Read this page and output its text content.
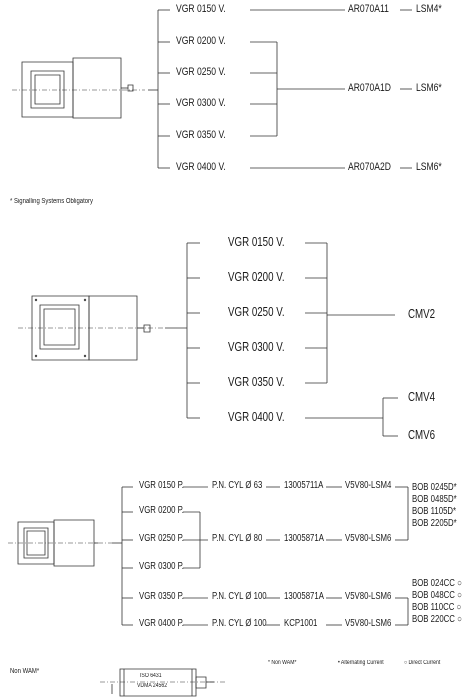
VGR 0150 V.
VGR 0200 V.
VGR 0250 V.
VGR 0300 V.
VGR 0350 V.
VGR 0400 V.
AR070A11
AR070A1D
AR070A2D
LSM4*
LSM6*
LSM6*
* Signalling Systems Obligatory
VGR 0150 V.
VGR 0200 V.
VGR 0250 V.
VGR 0300 V.
VGR 0350 V.
VGR 0400 V.
CMV2
CMV4
CMV6
VGR 0150 P.
VGR 0200 P.
VGR 0250 P.
VGR 0300 P.
VGR 0350 P.
VGR 0400 P.
P.N. CYL Ø 63
P.N. CYL Ø 80
P.N. CYL Ø 100
P.N. CYL Ø 100
13005711A
13005871A
13005871A
KCP1001
V5V80-LSM4
V5V80-LSM6
V5V80-LSM6
V5V80-LSM6
BOB 0245D*
BOB 0485D*
BOB 1105D*
BOB 2205D*
BOB 024CC ○
BOB 048CC ○
BOB 110CC ○
BOB 220CC ○
Non WAM*
* Non WAM*	• Alternating Current	○ Direct Current
ISO 6431
VDMA 24562
